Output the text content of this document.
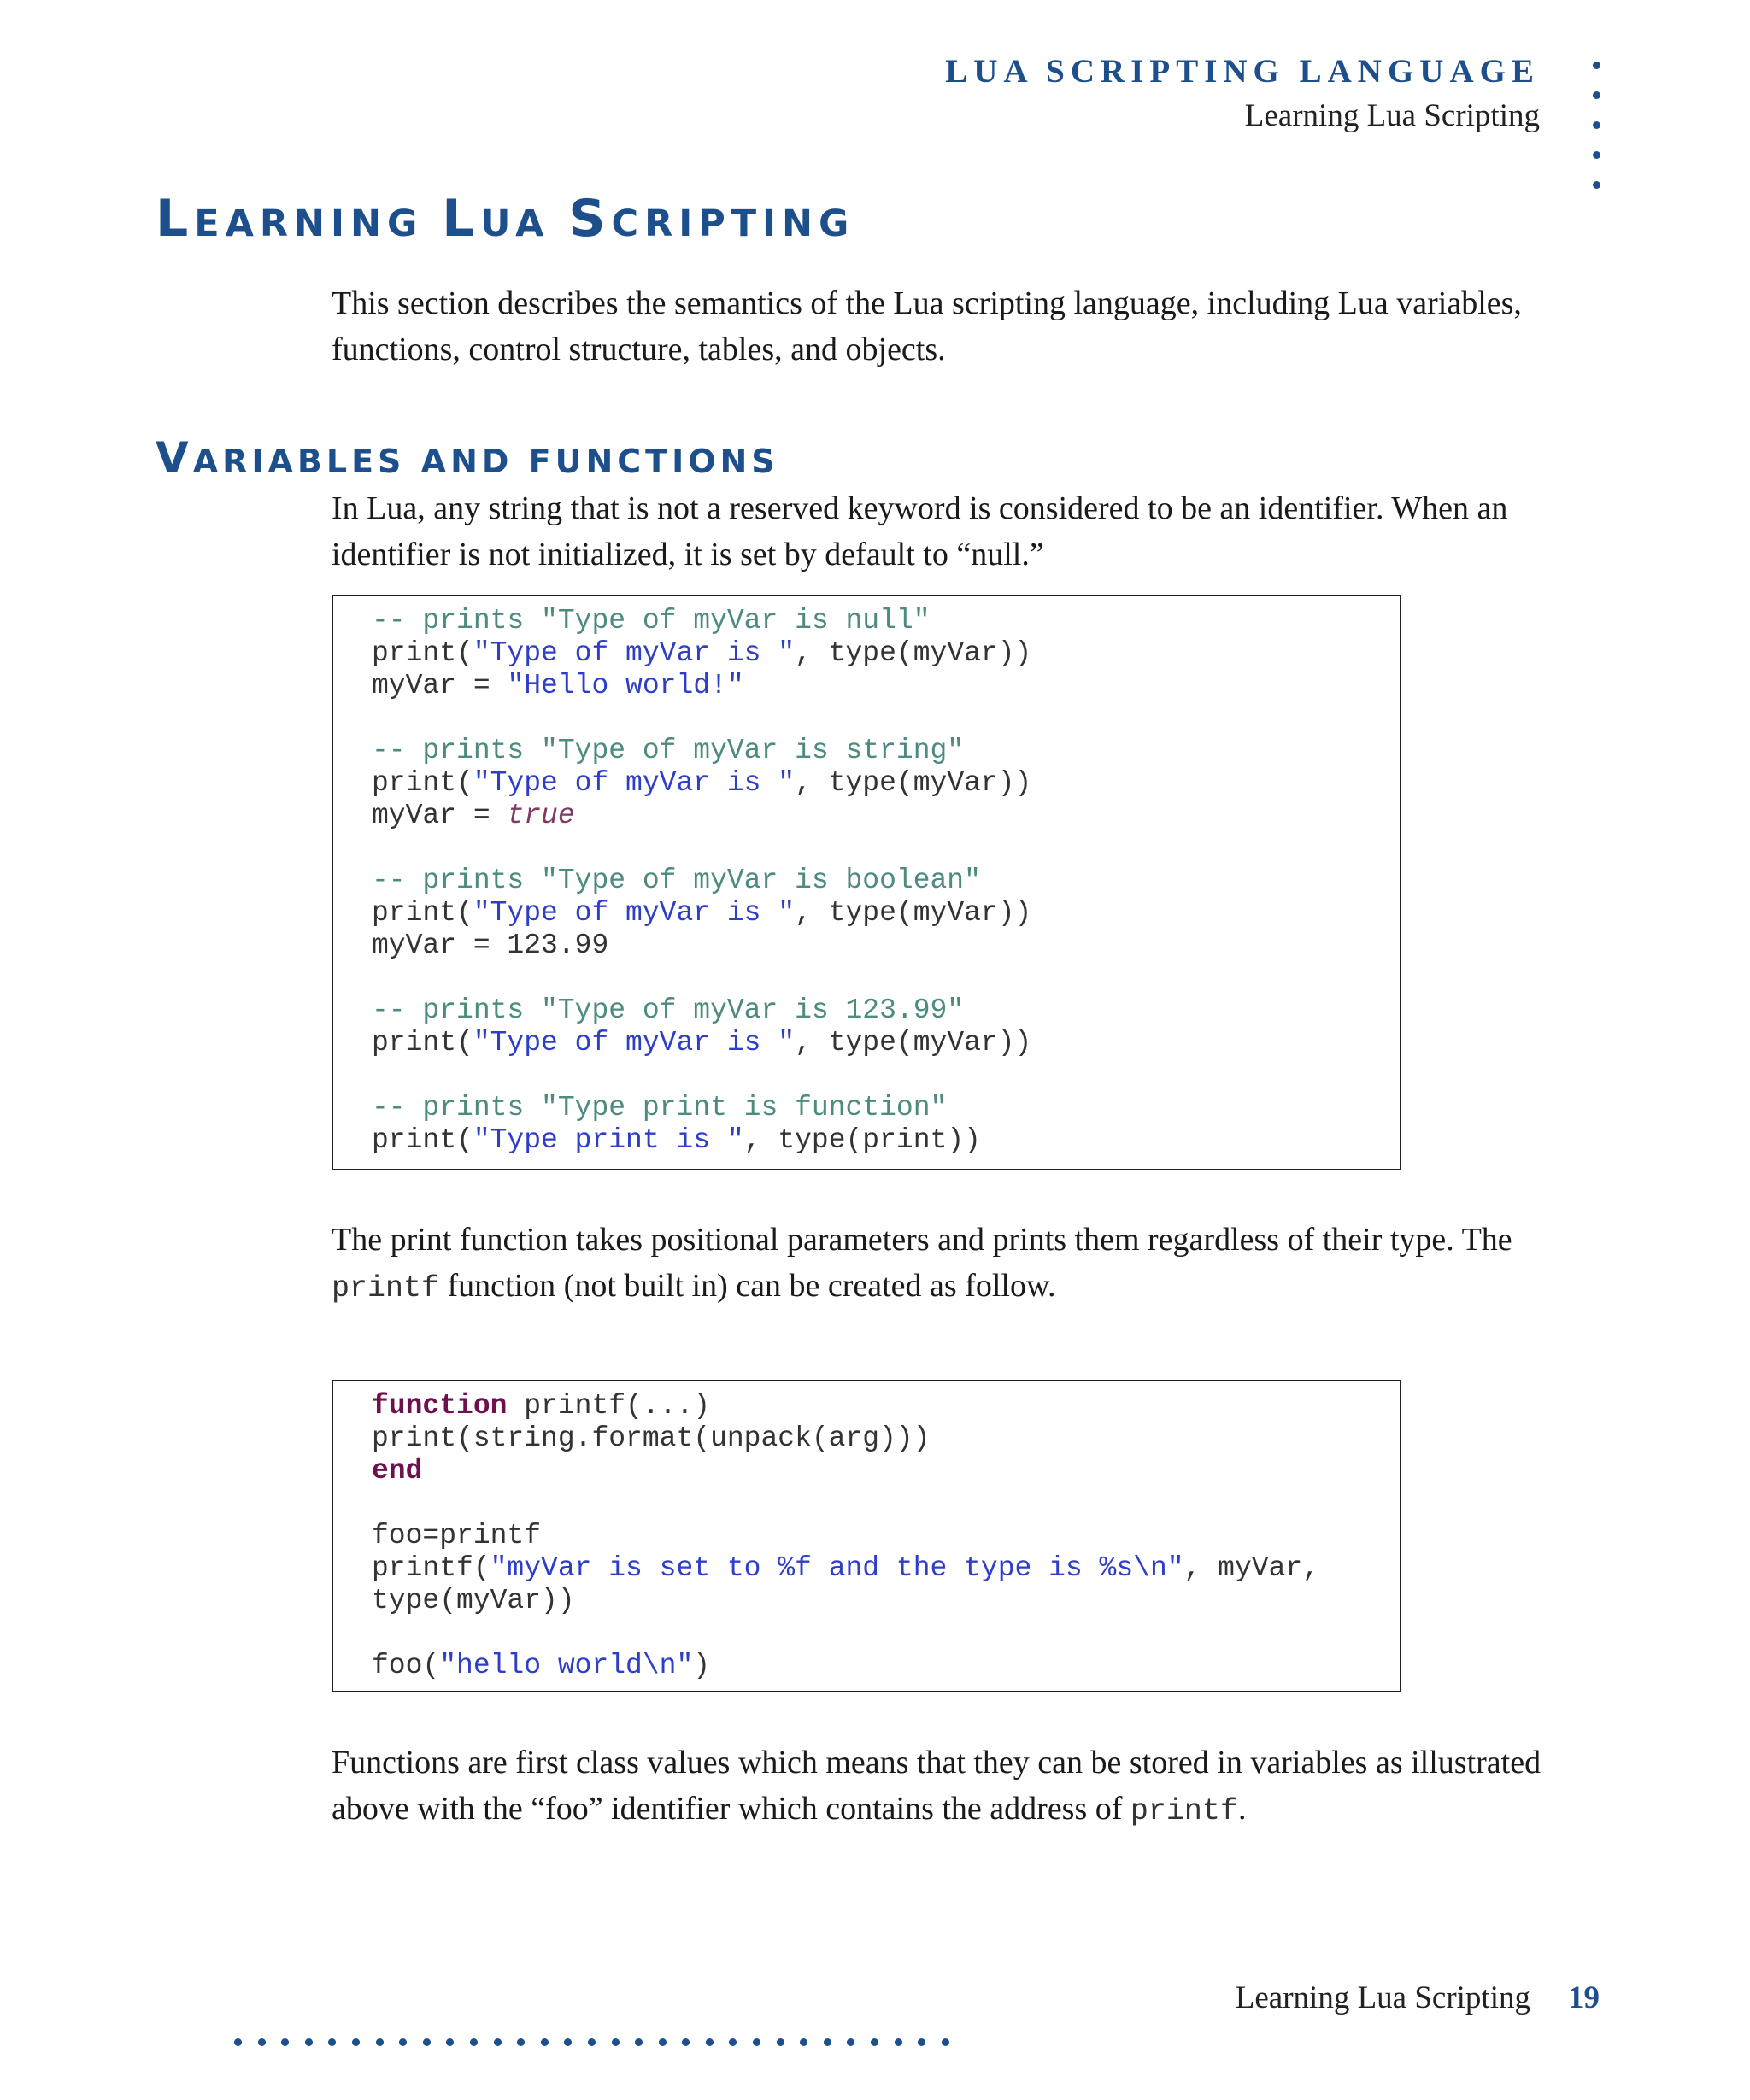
LUA SCRIPTING LANGUAGE
Learning Lua Scripting
LEARNING LUA SCRIPTING

This section describes the semantics of the Lua scripting language, including Lua variables, functions, control structure, tables, and objects.

VARIABLES AND FUNCTIONS

In Lua, any string that is not a reserved keyword is considered to be an identifier. When an identifier is not initialized, it is set by default to “null.”

-- prints "Type of myVar is null"
print("Type of myVar is ", type(myVar))
myVar = "Hello world!"
-- prints "Type of myVar is string"
print("Type of myVar is ", type(myVar))
myVar = true
-- prints "Type of myVar is boolean"
print("Type of myVar is ", type(myVar))
myVar = 123.99
-- prints "Type of myVar is 123.99"
print("Type of myVar is ", type(myVar))
-- prints "Type print is function"
print("Type print is ", type(print))

The print function takes positional parameters and prints them regardless of their type. The printf function (not built in) can be created as follow.

function printf(...)
print(string.format(unpack(arg)))
end
foo=printf
printf("myVar is set to %f and the type is %s\n", myVar,
type(myVar))
foo("hello world\n")

Functions are first class values which means that they can be stored in variables as illustrated above with the “foo” identifier which contains the address of printf.

Learning Lua Scripting 19
